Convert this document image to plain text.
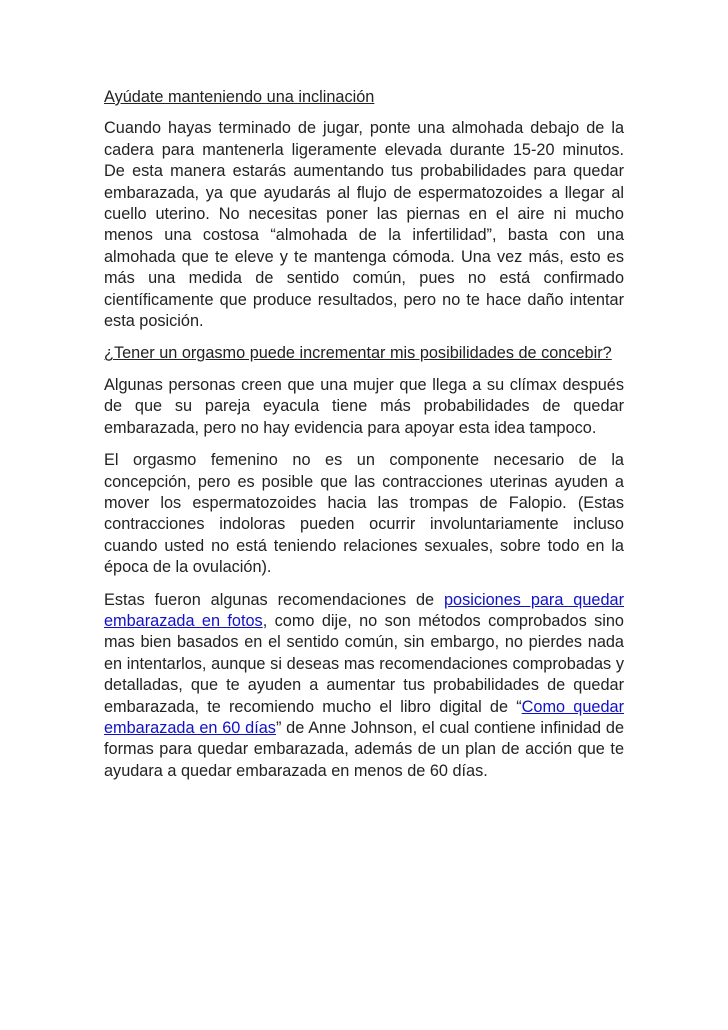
Ayúdate manteniendo una inclinación

Cuando hayas terminado de jugar, ponte una almohada debajo de la cadera para mantenerla ligeramente elevada durante 15-20 minutos. De esta manera estarás aumentando tus probabilidades para quedar embarazada, ya que ayudarás al flujo de espermatozoides a llegar al cuello uterino. No necesitas poner las piernas en el aire ni mucho menos una costosa “almohada de la infertilidad”, basta con una almohada que te eleve y te mantenga cómoda. Una vez más, esto es más una medida de sentido común, pues no está confirmado científicamente que produce resultados, pero no te hace daño intentar esta posición.

¿Tener un orgasmo puede incrementar mis posibilidades de concebir?

Algunas personas creen que una mujer que llega a su clímax después de que su pareja eyacula tiene más probabilidades de quedar embarazada, pero no hay evidencia para apoyar esta idea tampoco.

El orgasmo femenino no es un componente necesario de la concepción, pero es posible que las contracciones uterinas ayuden a mover los espermatozoides hacia las trompas de Falopio. (Estas contracciones indoloras pueden ocurrir involuntariamente incluso cuando usted no está teniendo relaciones sexuales, sobre todo en la época de la ovulación).

Estas fueron algunas recomendaciones de posiciones para quedar embarazada en fotos, como dije, no son métodos comprobados sino mas bien basados en el sentido común, sin embargo, no pierdes nada en intentarlos, aunque si deseas mas recomendaciones comprobadas y detalladas, que te ayuden a aumentar tus probabilidades de quedar embarazada, te recomiendo mucho el libro digital de “Como quedar embarazada en 60 días” de Anne Johnson, el cual contiene infinidad de formas para quedar embarazada, además de un plan de acción que te ayudara a quedar embarazada en menos de 60 días.
